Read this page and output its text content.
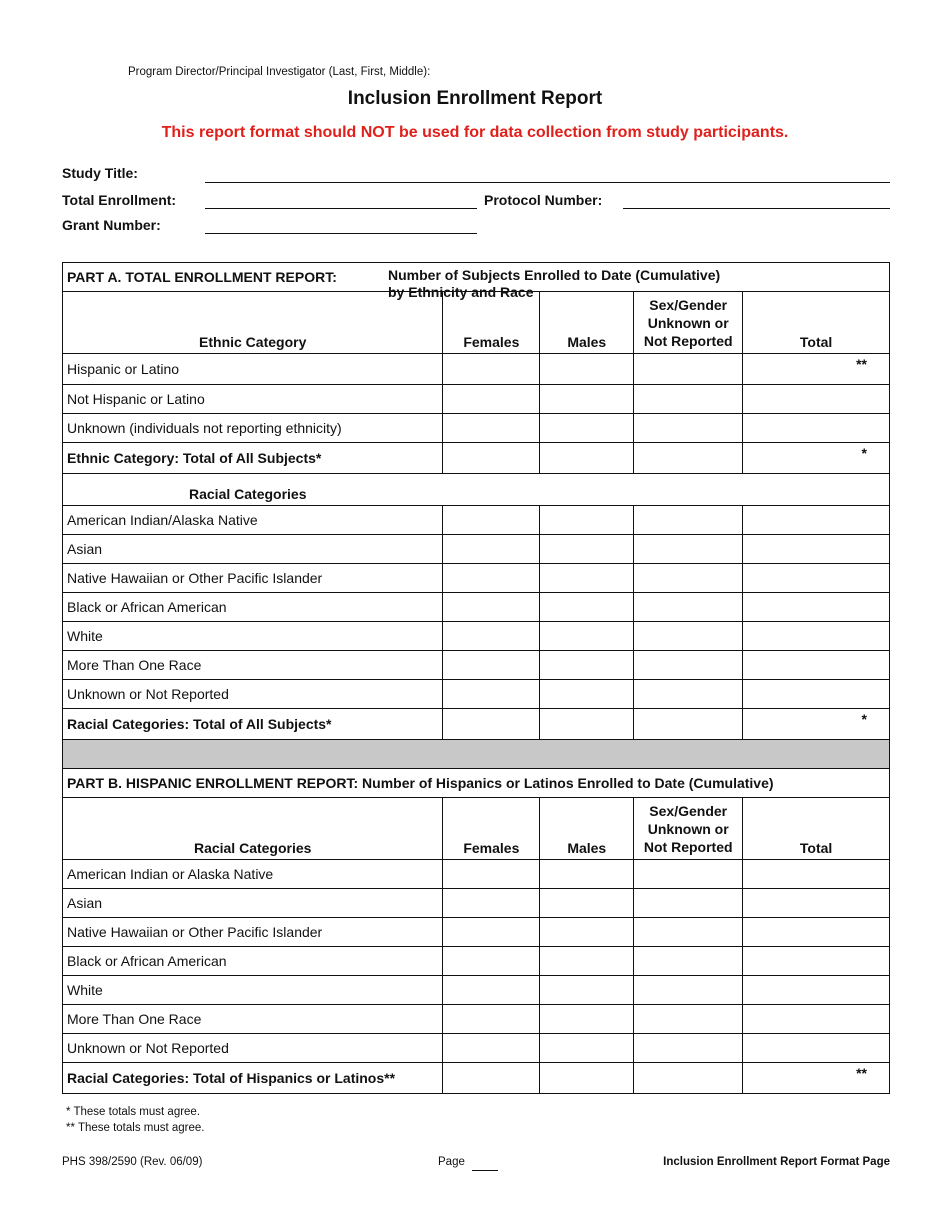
Program Director/Principal Investigator (Last, First, Middle):
Inclusion Enrollment Report
This report format should NOT be used for data collection from study participants.
Study Title:
Total Enrollment:	Protocol Number:
Grant Number:
PART A. TOTAL ENROLLMENT REPORT: Number of Subjects Enrolled to Date (Cumulative)
by Ethnicity and Race				

Ethnic Category	Females	Males	Sex/Gender
Unknown or
Not Reported	Total
Hispanic or Latino				**
Not Hispanic or Latino				
Unknown (individuals not reporting ethnicity)				
Ethnic Category: Total of All Subjects*				*
Racial Categories				
American Indian/Alaska Native				
Asian				
Native Hawaiian or Other Pacific Islander				
Black or African American				
White				
More Than One Race				
Unknown or Not Reported				
Racial Categories: Total of All Subjects*				*

PART B. HISPANIC ENROLLMENT REPORT: Number of Hispanics or Latinos Enrolled to Date (Cumulative)				
Racial Categories	Females	Males	Sex/Gender
Unknown or
Not Reported	Total
American Indian or Alaska Native				
Asian				
Native Hawaiian or Other Pacific Islander				
Black or African American				
White				
More Than One Race				
Unknown or Not Reported				
Racial Categories: Total of Hispanics or Latinos**				**
* These totals must agree.
** These totals must agree.
PHS 398/2590 (Rev. 06/09)	Page	Inclusion Enrollment Report Format Page
